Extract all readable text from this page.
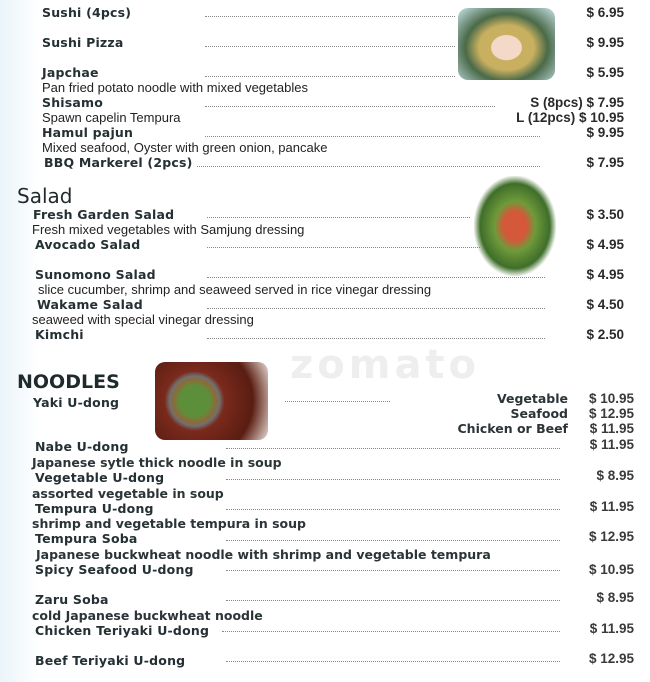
zomato
Sushi (4pcs)	$ 6.95
Sushi Pizza	$ 9.95
Japchae	$ 5.95
Pan fried potato noodle with mixed vegetables
Shisamo	S (8pcs) $ 7.95
Spawn capelin Tempura	L (12pcs) $ 10.95
Hamul pajun	$ 9.95
Mixed seafood, Oyster with green onion, pancake
BBQ Markerel (2pcs)	$ 7.95
Salad
Fresh Garden Salad	$ 3.50
Fresh mixed vegetables with Samjung dressing
Avocado Salad	$ 4.95
Sunomono Salad	$ 4.95
slice cucumber, shrimp and seaweed served in rice vinegar dressing
Wakame Salad	$ 4.50
seaweed with special vinegar dressing
Kimchi	$ 2.50
NOODLES
Yaki U-dong	Vegetable $ 10.95
Seafood $ 12.95
Chicken or Beef $ 11.95
Nabe U-dong	$ 11.95
Japanese sytle thick noodle in soup
Vegetable U-dong	$ 8.95
assorted vegetable in soup
Tempura U-dong	$ 11.95
shrimp and vegetable tempura in soup
Tempura Soba	$ 12.95
Japanese buckwheat noodle with shrimp and vegetable tempura
Spicy Seafood U-dong	$ 10.95
Zaru Soba	$ 8.95
cold Japanese buckwheat noodle
Chicken Teriyaki U-dong	$ 11.95
Beef Teriyaki U-dong	$ 12.95
